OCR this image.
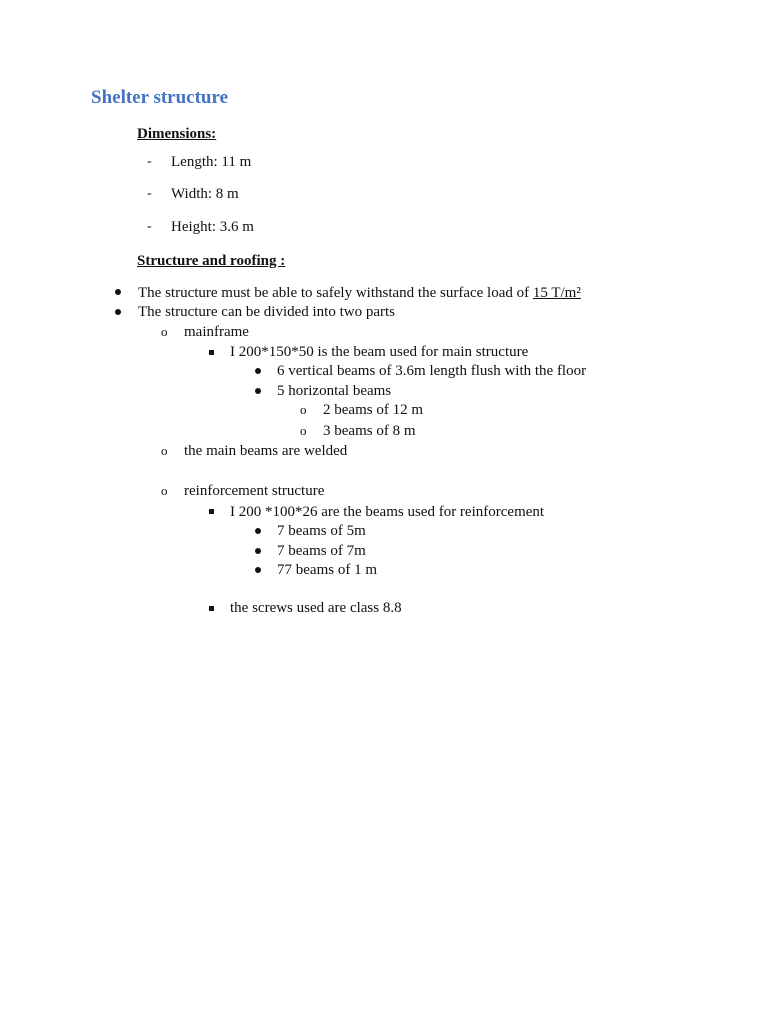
Shelter structure
Dimensions:
- Length: 11 m
- Width: 8 m
- Height: 3.6 m
Structure and roofing :
The structure must be able to safely withstand the surface load of 15 T/m²
The structure can be divided into two parts
o mainframe
I 200*150*50 is the beam used for main structure
6 vertical beams of 3.6m length flush with the floor
5 horizontal beams
o 2 beams of 12 m
o 3 beams of 8 m
o the main beams are welded
o reinforcement structure
I 200 *100*26 are the beams used for reinforcement
7 beams of 5m
7 beams of 7m
77 beams of 1 m
the screws used are class 8.8
